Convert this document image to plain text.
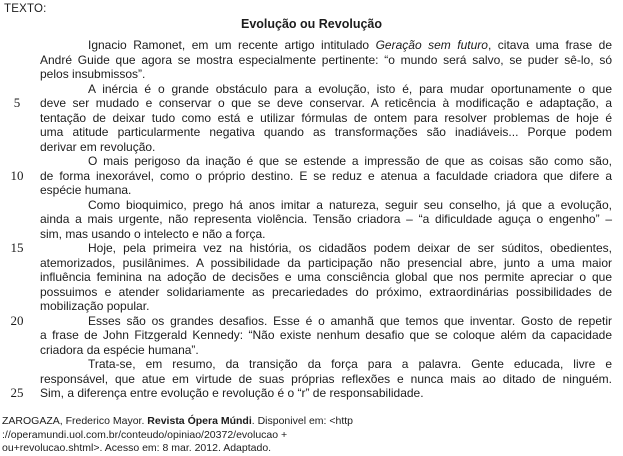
TEXTO:
Evolução ou Revolução
Ignacio Ramonet, em um recente artigo intitulado Geração sem futuro, citava uma frase de
André Guide que agora se mostra especialmente pertinente: “o mundo será salvo, se puder sê-lo, só
pelos insubmissos”.
A inércia é o grande obstáculo para a evolução, isto é, para mudar oportunamente o que
5	deve ser mudado e conservar o que se deve conservar. A reticência à modificação e adaptação, a
tentação de deixar tudo como está e utilizar fórmulas de ontem para resolver problemas de hoje é
uma atitude particularmente negativa quando as transformações são inadiáveis... Porque podem
derivar em revolução.
O mais perigoso da inação é que se estende a impressão de que as coisas são como são,
10	de forma inexorável, como o próprio destino. E se reduz e atenua a faculdade criadora que difere a
espécie humana.
Como bioquimico, prego há anos imitar a natureza, seguir seu conselho, já que a evolução,
ainda a mais urgente, não representa violência. Tensão criadora – “a dificuldade aguça o engenho” –
sim, mas usando o intelecto e não a força.
15	Hoje, pela primeira vez na história, os cidadãos podem deixar de ser súditos, obedientes,
atemorizados, pusilânimes. A possibilidade da participação não presencial abre, junto a uma maior
influência feminina na adoção de decisões e uma consciência global que nos permite apreciar o que
possuimos e atender solidariamente as precariedades do próximo, extraordinárias possibilidades de
mobilização popular.
20	Esses são os grandes desafios. Esse é o amanhã que temos que inventar. Gosto de repetir
a frase de John Fitzgerald Kennedy: “Não existe nenhum desafio que se coloque além da capacidade
criadora da espécie humana”.
Trata-se, em resumo, da transição da força para a palavra. Gente educada, livre e
responsável, que atue em virtude de suas próprias reflexões e nunca mais ao ditado de ninguém.
25	Sim, a diferença entre evolução e revolução é o “r” de responsabilidade.
ZAROGAZA, Frederico Mayor. Revista Ópera Múndi. Disponivel em: <http ://operamundi.uol.com.br/conteudo/opiniao/20372/evolucao +
ou+revolucao.shtml>. Acesso em: 8 mar. 2012. Adaptado.
